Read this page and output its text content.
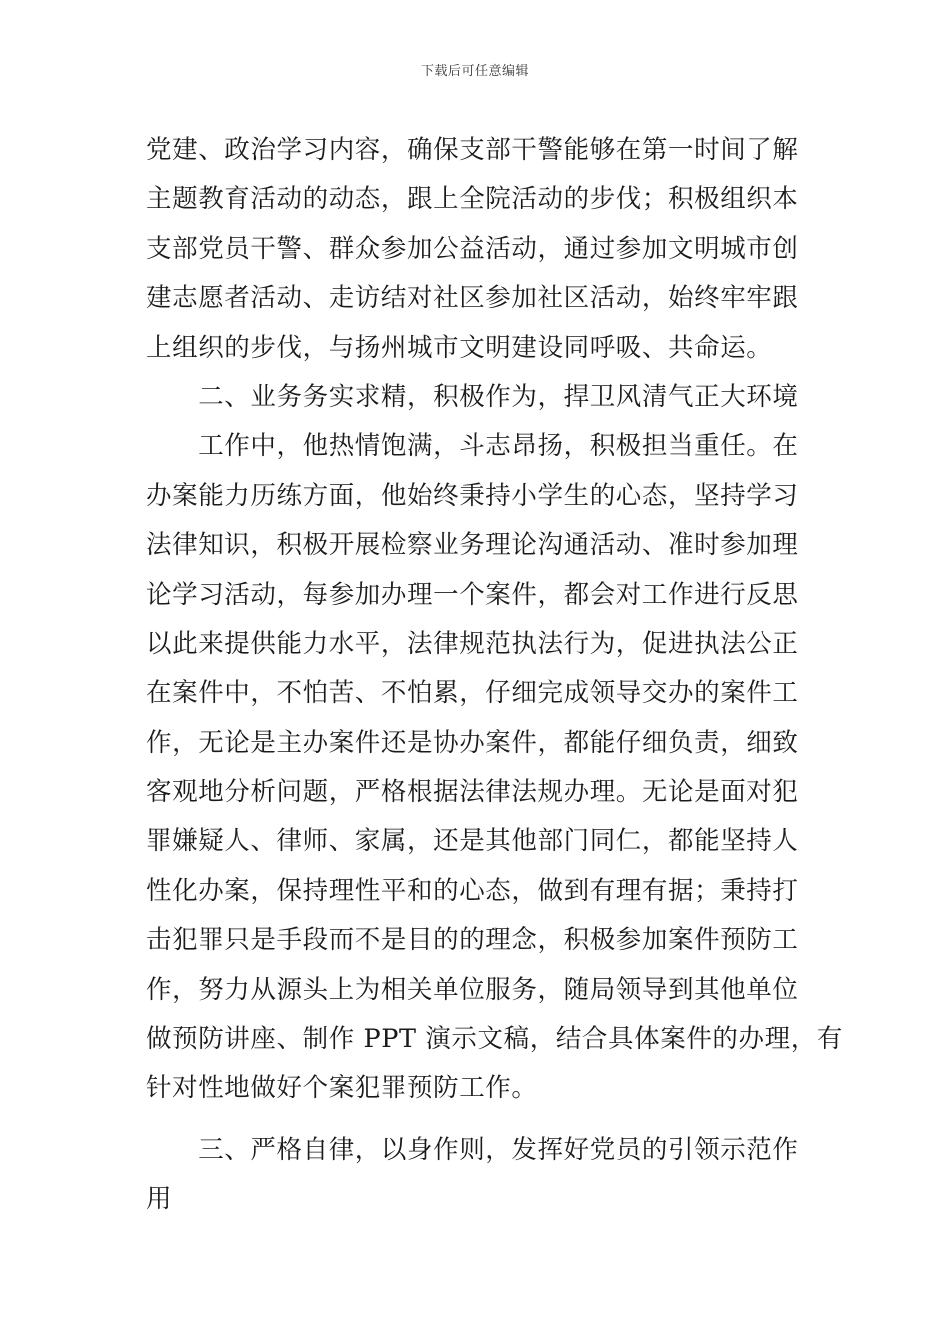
下载后可任意编辑
党建、政治学习内容，确保支部干警能够在第一时间了解
主题教育活动的动态，跟上全院活动的步伐；积极组织本
支部党员干警、群众参加公益活动，通过参加文明城市创
建志愿者活动、走访结对社区参加社区活动，始终牢牢跟
上组织的步伐，与扬州城市文明建设同呼吸、共命运。
　　二、业务务实求精，积极作为，捍卫风清气正大环境
　　工作中，他热情饱满，斗志昂扬，积极担当重任。在
办案能力历练方面，他始终秉持小学生的心态，坚持学习
法律知识，积极开展检察业务理论沟通活动、准时参加理
论学习活动，每参加办理一个案件，都会对工作进行反思
以此来提供能力水平，法律规范执法行为，促进执法公正
在案件中，不怕苦、不怕累，仔细完成领导交办的案件工
作，无论是主办案件还是协办案件，都能仔细负责，细致
客观地分析问题，严格根据法律法规办理。无论是面对犯
罪嫌疑人、律师、家属，还是其他部门同仁，都能坚持人
性化办案，保持理性平和的心态，做到有理有据；秉持打
击犯罪只是手段而不是目的的理念，积极参加案件预防工
作，努力从源头上为相关单位服务，随局领导到其他单位
做预防讲座、制作 PPT 演示文稿，结合具体案件的办理，有
针对性地做好个案犯罪预防工作。
　　三、严格自律，以身作则，发挥好党员的引领示范作
用
